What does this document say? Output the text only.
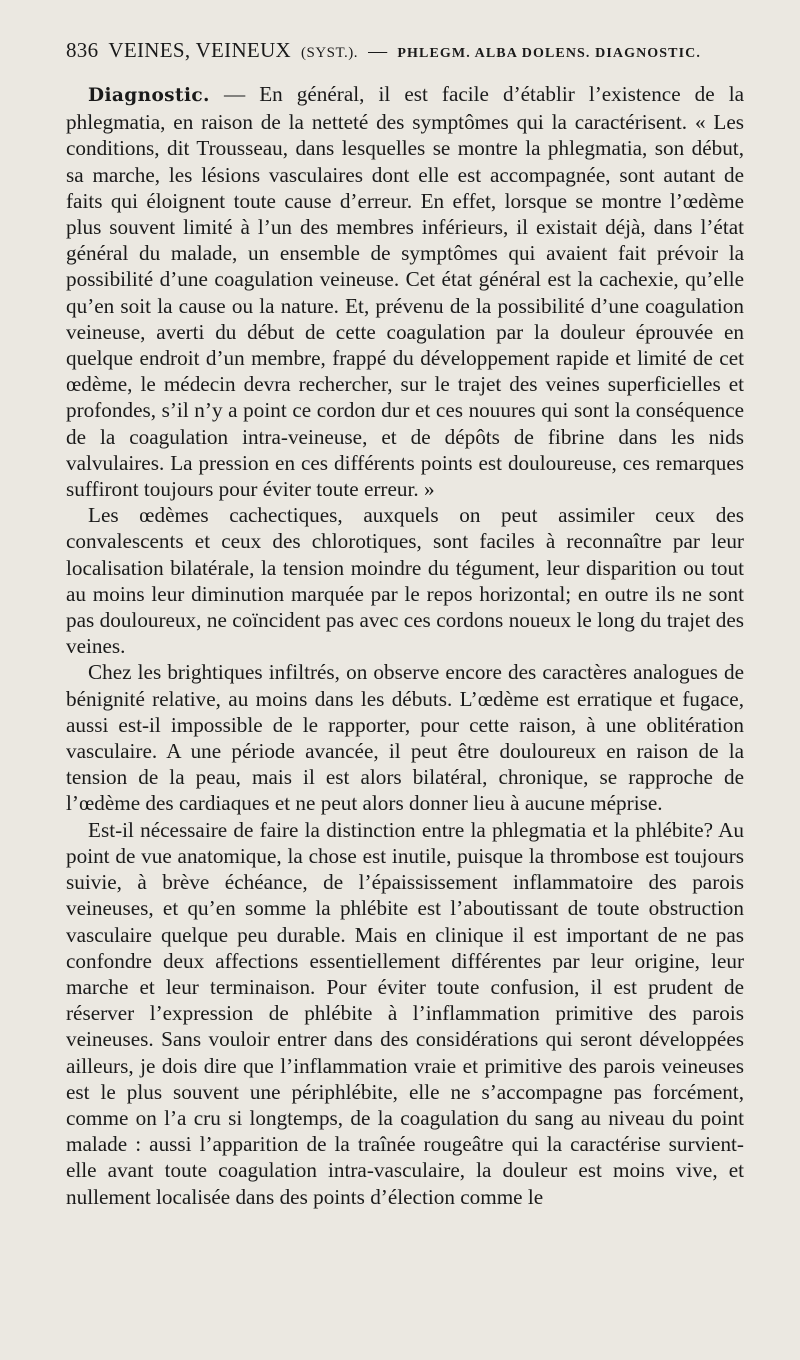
836 VEINES, VEINEUX (SYST.). — PHLEGM. ALBA DOLENS. DIAGNOSTIC.

Diagnostic. — En général, il est facile d’établir l’existence de la phlegmatia, en raison de la netteté des symptômes qui la caractérisent. « Les conditions, dit Trousseau, dans lesquelles se montre la phlegmatia, son début, sa marche, les lésions vasculaires dont elle est accompagnée, sont autant de faits qui éloignent toute cause d’erreur. En effet, lorsque se montre l’œdème plus souvent limité à l’un des membres inférieurs, il existait déjà, dans l’état général du malade, un ensemble de symptômes qui avaient fait prévoir la possibilité d’une coagulation veineuse. Cet état général est la cachexie, qu’elle qu’en soit la cause ou la nature. Et, prévenu de la possibilité d’une coagulation veineuse, averti du début de cette coagulation par la douleur éprouvée en quelque endroit d’un membre, frappé du développement rapide et limité de cet œdème, le médecin devra rechercher, sur le trajet des veines superficielles et profondes, s’il n’y a point ce cordon dur et ces nouures qui sont la conséquence de la coagulation intra-veineuse, et de dépôts de fibrine dans les nids valvulaires. La pression en ces différents points est douloureuse, ces remarques suffiront toujours pour éviter toute erreur. »

Les œdèmes cachectiques, auxquels on peut assimiler ceux des convalescents et ceux des chlorotiques, sont faciles à reconnaître par leur localisation bilatérale, la tension moindre du tégument, leur disparition ou tout au moins leur diminution marquée par le repos horizontal; en outre ils ne sont pas douloureux, ne coïncident pas avec ces cordons noueux le long du trajet des veines.

Chez les brightiques infiltrés, on observe encore des caractères analogues de bénignité relative, au moins dans les débuts. L’œdème est erratique et fugace, aussi est-il impossible de le rapporter, pour cette raison, à une oblitération vasculaire. A une période avancée, il peut être douloureux en raison de la tension de la peau, mais il est alors bilatéral, chronique, se rapproche de l’œdème des cardiaques et ne peut alors donner lieu à aucune méprise.

Est-il nécessaire de faire la distinction entre la phlegmatia et la phlébite? Au point de vue anatomique, la chose est inutile, puisque la thrombose est toujours suivie, à brève échéance, de l’épaississement inflammatoire des parois veineuses, et qu’en somme la phlébite est l’aboutissant de toute obstruction vasculaire quelque peu durable. Mais en clinique il est important de ne pas confondre deux affections essentiellement différentes par leur origine, leur marche et leur terminaison. Pour éviter toute confusion, il est prudent de réserver l’expression de phlébite à l’inflammation primitive des parois veineuses. Sans vouloir entrer dans des considérations qui seront développées ailleurs, je dois dire que l’inflammation vraie et primitive des parois veineuses est le plus souvent une périphlébite, elle ne s’accompagne pas forcément, comme on l’a cru si longtemps, de la coagulation du sang au niveau du point malade : aussi l’apparition de la traînée rougeâtre qui la caractérise survient-elle avant toute coagulation intra-vasculaire, la douleur est moins vive, et nullement localisée dans des points d’élection comme le
